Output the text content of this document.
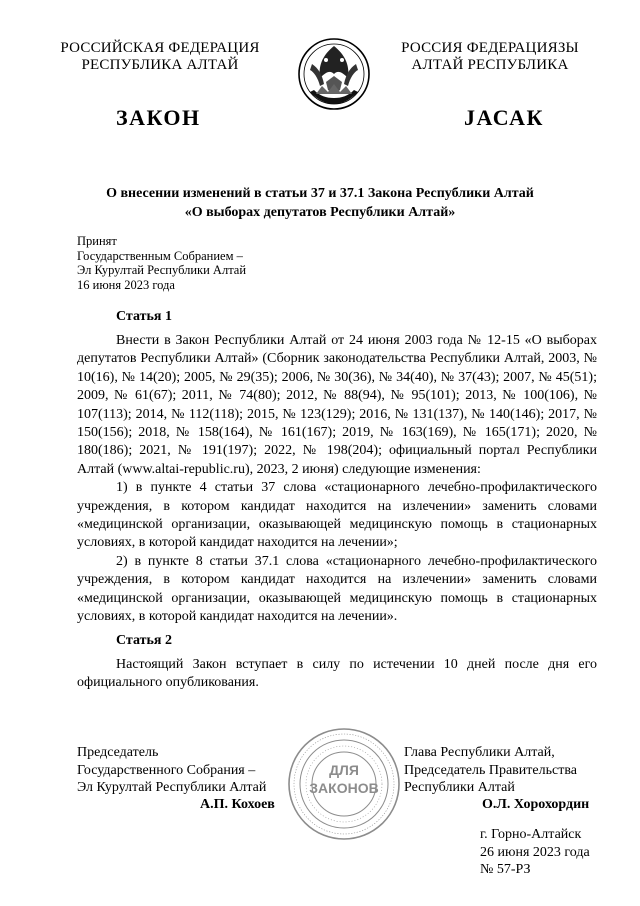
РОССИЙСКАЯ ФЕДЕРАЦИЯ
РЕСПУБЛИКА АЛТАЙ
РОССИЯ ФЕДЕРАЦИЯЗЫ
АЛТАЙ РЕСПУБЛИКА
ЗАКОН	ЈАСАК
О внесении изменений в статьи 37 и 37.1 Закона Республики Алтай
«О выборах депутатов Республики Алтай»
Принят
Государственным Собранием –
Эл Курултай Республики Алтай
16 июня 2023 года
Статья 1

Внести в Закон Республики Алтай от 24 июня 2003 года № 12-15 «О выборах депутатов Республики Алтай» (Сборник законодательства Республики Алтай, 2003, № 10(16), № 14(20); 2005, № 29(35); 2006, № 30(36), № 34(40), № 37(43); 2007, № 45(51); 2009, № 61(67); 2011, № 74(80); 2012, № 88(94), № 95(101); 2013, № 100(106), № 107(113); 2014, № 112(118); 2015, № 123(129); 2016, № 131(137), № 140(146); 2017, № 150(156); 2018, № 158(164), № 161(167); 2019, № 163(169), № 165(171); 2020, № 180(186); 2021, № 191(197); 2022, № 198(204); официальный портал Республики Алтай (www.altai-republic.ru), 2023, 2 июня) следующие изменения:

1) в пункте 4 статьи 37 слова «стационарного лечебно-профилактического учреждения, в котором кандидат находится на излечении» заменить словами «медицинской организации, оказывающей медицинскую помощь в стационарных условиях, в которой кандидат находится на лечении»;

2) в пункте 8 статьи 37.1 слова «стационарного лечебно-профилактического учреждения, в котором кандидат находится на излечении» заменить словами «медицинской организации, оказывающей медицинскую помощь в стационарных условиях, в которой кандидат находится на лечении».

Статья 2

Настоящий Закон вступает в силу по истечении 10 дней после дня его официального опубликования.

Председатель
Государственного Собрания –
Эл Курултай Республики Алтай
А.П. Кохоев
Глава Республики Алтай,
Председатель Правительства
Республики Алтай
О.Л. Хорохордин
ДЛЯ
ЗАКОНОВ
г. Горно-Алтайск
26 июня 2023 года
№ 57-РЗ
